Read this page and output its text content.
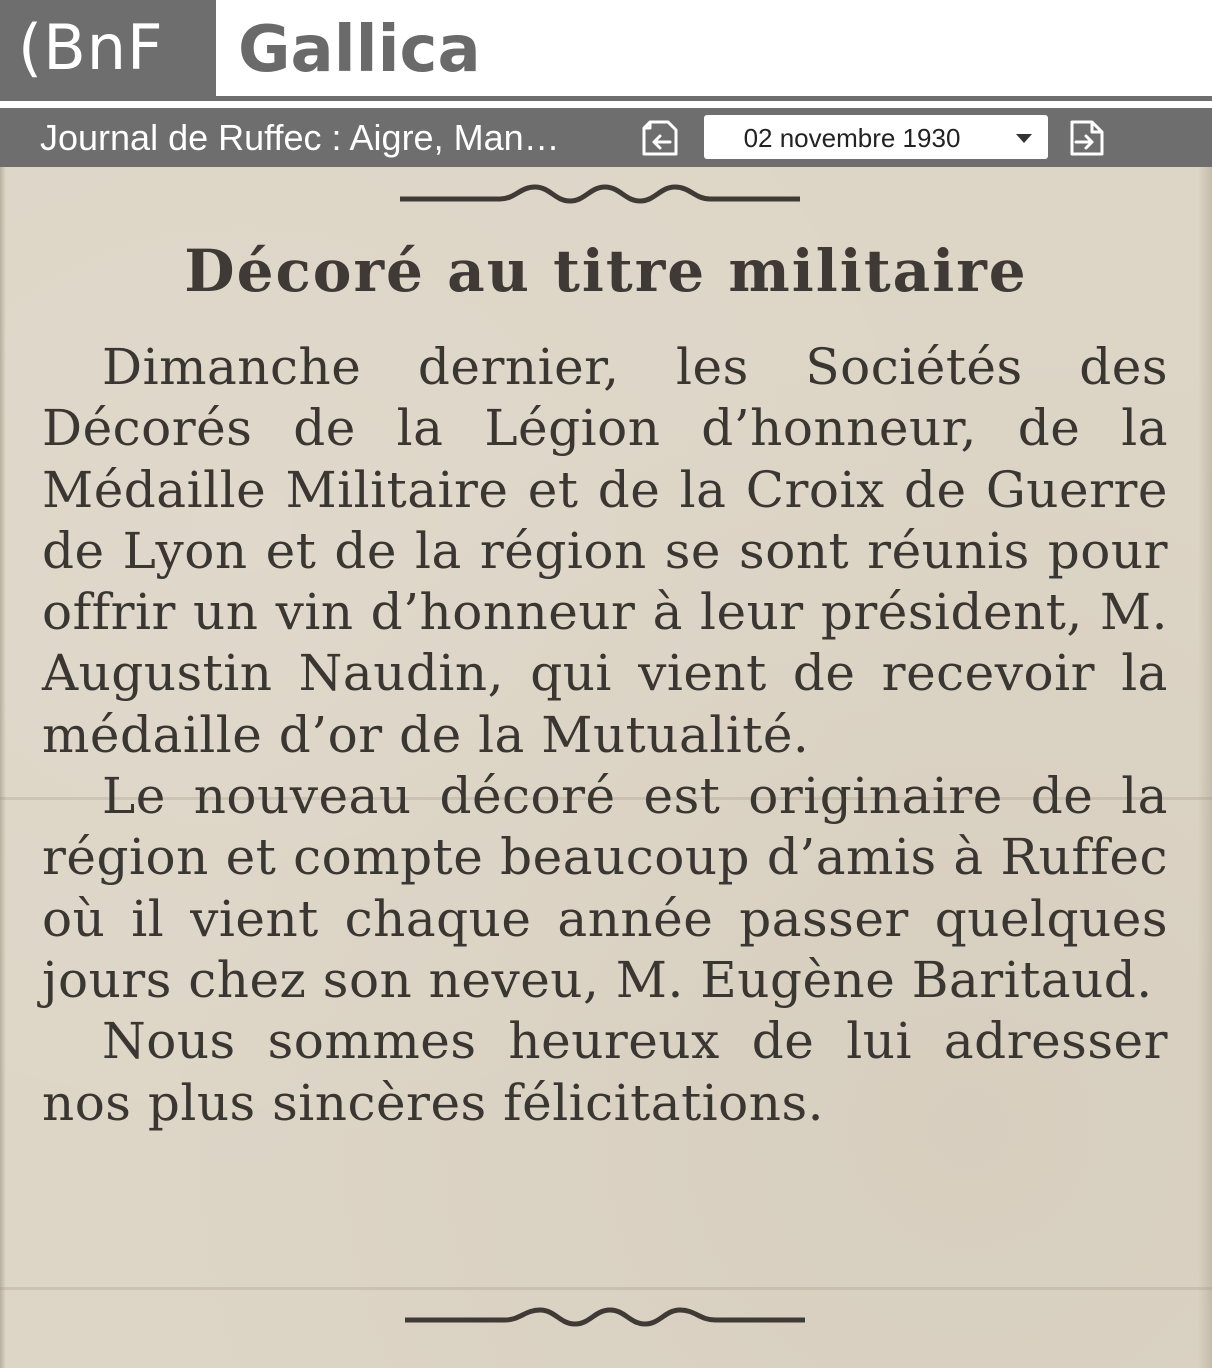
(BnF	Gallica
Journal de Ruffec : Aigre, Man…	02 novembre 1930
Décoré au titre militaire

Dimanche dernier, les Sociétés des Décorés de la Légion d’honneur, de la Médaille Militaire et de la Croix de Guerre de Lyon et de la région se sont réunis pour offrir un vin d’honneur à leur président, M. Augustin Naudin, qui vient de recevoir la médaille d’or de la Mutualité.

Le nouveau décoré est originaire de la région et compte beaucoup d’amis à Ruffec où il vient chaque année passer quelques jours chez son neveu, M. Eugène Baritaud.

Nous sommes heureux de lui adresser nos plus sincères félicitations.
